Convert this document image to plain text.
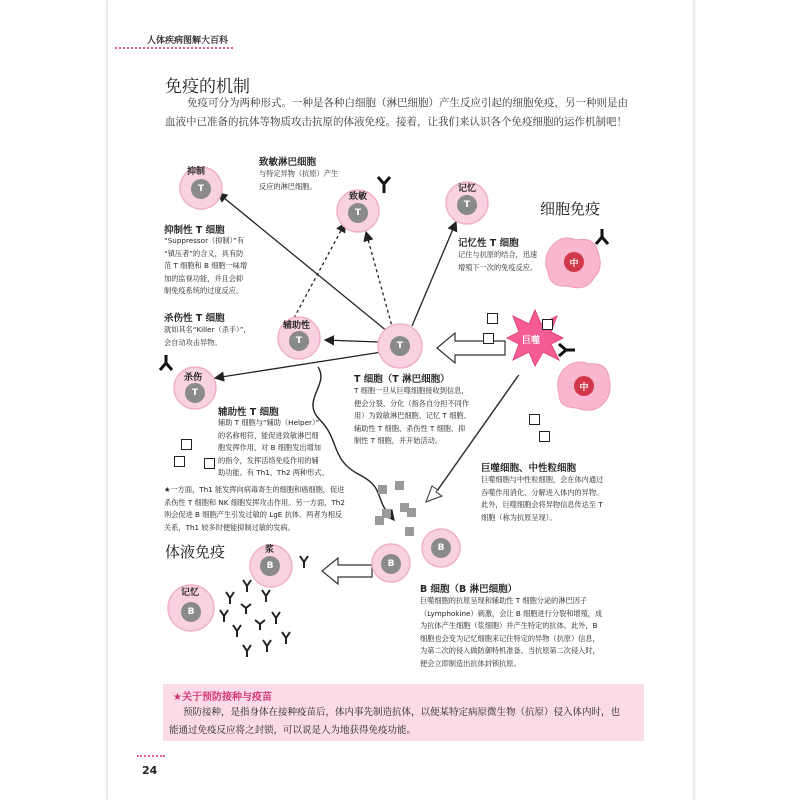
人体疾病图解大百科
免疫的机制
免疫可分为两种形式。一种是各种白细胞（淋巴细胞）产生反应引起的细胞免疫，另一种则是由血液中已准备的抗体等物质攻击抗原的体液免疫。接着，让我们来认识各个免疫细胞的运作机制吧！
T
抑制
T
致敏
T
记忆
T
辅助性
T
杀伤
T	巨噬
中
中
B
B
B
浆
B
记忆
细胞免疫
体液免疫
致敏淋巴细胞
与特定异物（抗原）产生
反应的淋巴细胞。
抑制性 T 细胞
“Suppressor（抑制）”有
“镇压者”的含义，具有防
范 T 细胞和 B 细胞一味增
加的监视功能，并且会抑
制免疫系统的过度反应。
记忆性 T 细胞
记住与抗原的结合，迅速
增殖下一次的免疫反应。
杀伤性 T 细胞
就如其名“Killer（杀手）”，
会自动攻击异物。
T 细胞（T 淋巴细胞）
T 细胞一旦从巨噬细胞接收到信息，
便会分裂、分化（指各自分担不同作
用）为致敏淋巴细胞、记忆 T 细胞、
辅助性 T 细胞、杀伤性 T 细胞、抑
制性 T 细胞，并开始活动。
辅助性 T 细胞
辅助 T 细胞与“辅助（Helper）”
的名称相符，能促进致敏淋巴细
胞发挥作用，对 B 细胞发出增加
的指令，发挥活络免疫作用的辅
助功能。有 Th1、Th2 两种形式。
★一方面，Th1 能发挥向病毒寄生的细胞和癌细胞，促进
杀伤性 T 细胞和 NK 细胞发挥攻击作用。另一方面，Th2
则会促进 B 细胞产生引发过敏的 LgE 抗体。两者为相反
关系，Th1 较多时便能抑制过敏的发病。
巨噬细胞、中性粒细胞
巨噬细胞与中性粒细胞，会在体内通过
吞噬作用消化、分解进入体内的异物。
此外，巨噬细胞会将异物信息传达至 T
细胞（称为抗原呈现）。
B 细胞（B 淋巴细胞）
巨噬细胞的抗原呈现和辅助性 T 细胞分泌的淋巴因子
（Lymphokine）刺激，会让 B 细胞进行分裂和增殖，成
为抗体产生细胞（浆细胞）并产生特定的抗体。此外，B
细胞也会变为记忆细胞来记住特定的异物（抗原）信息，
为第二次的侵入做防御特机准备。当抗原第二次侵入时，
便会立即制造出抗体封锁抗原。
★关于预防接种与疫苗
预防接种，是指身体在接种疫苗后，体内事先制造抗体，以便某特定病原微生物（抗原）侵入体内时，也
能通过免疫反应将之封锁，可以说是人为地获得免疫功能。
24
